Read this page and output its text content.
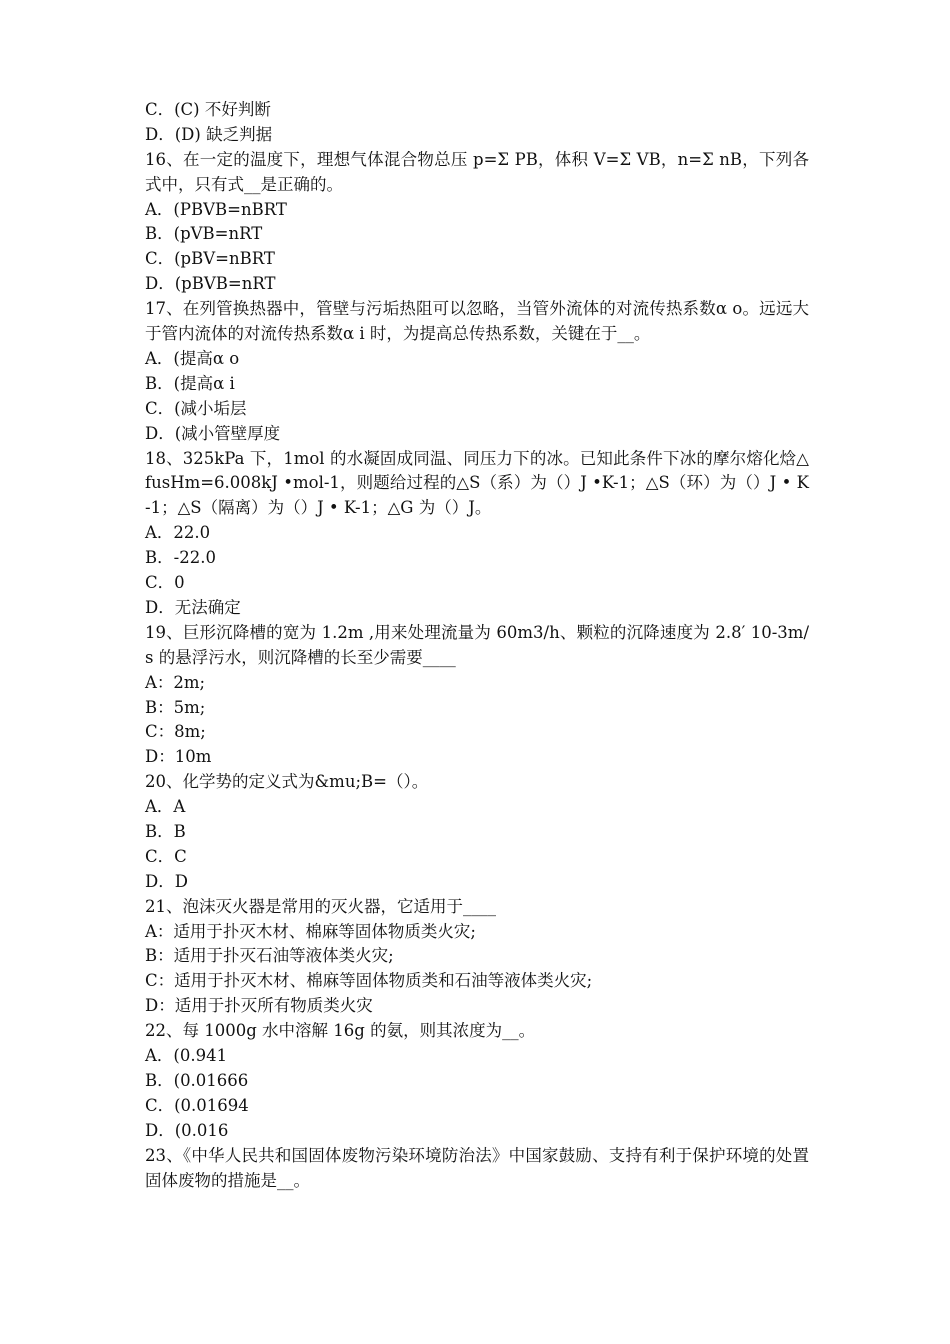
C．(C) 不好判断
D．(D) 缺乏判据
16、在一定的温度下，理想气体混合物总压 p=Σ PB，体积 V=Σ VB，n=Σ nB，下列各式中，只有式__是正确的。
A．(PBVB=nBRT
B．(pVB=nRT
C．(pBV=nBRT
D．(pBVB=nRT
17、在列管换热器中，管壁与污垢热阻可以忽略，当管外流体的对流传热系数α o。远远大于管内流体的对流传热系数α i 时，为提高总传热系数，关键在于__。
A．(提高α o
B．(提高α i
C．(减小垢层
D．(减小管壁厚度
18、325kPa 下，1mol 的水凝固成同温、同压力下的冰。已知此条件下冰的摩尔熔化焓△fusHm=6.008kJ •mol-1，则题给过程的△S（系）为（）J •K-1；△S（环）为（）J • K-1；△S（隔离）为（）J • K-1；△G 为（）J。
A．22.0
B．-22.0
C．0
D．无法确定
19、巨形沉降槽的宽为 1.2m ,用来处理流量为 60m3/h、颗粒的沉降速度为 2.8′ 10-3m/s 的悬浮污水，则沉降槽的长至少需要____
A：2m;
B：5m;
C：8m;
D：10m
20、化学势的定义式为&mu;B=（）。
A．A
B．B
C．C
D．D
21、泡沫灭火器是常用的灭火器，它适用于____
A：适用于扑灭木材、棉麻等固体物质类火灾;
B：适用于扑灭石油等液体类火灾;
C：适用于扑灭木材、棉麻等固体物质类和石油等液体类火灾;
D：适用于扑灭所有物质类火灾
22、每 1000g 水中溶解 16g 的氨，则其浓度为__。
A．(0.941
B．(0.01666
C．(0.01694
D．(0.016
23、《中华人民共和国固体废物污染环境防治法》中国家鼓励、支持有利于保护环境的处置固体废物的措施是__。
